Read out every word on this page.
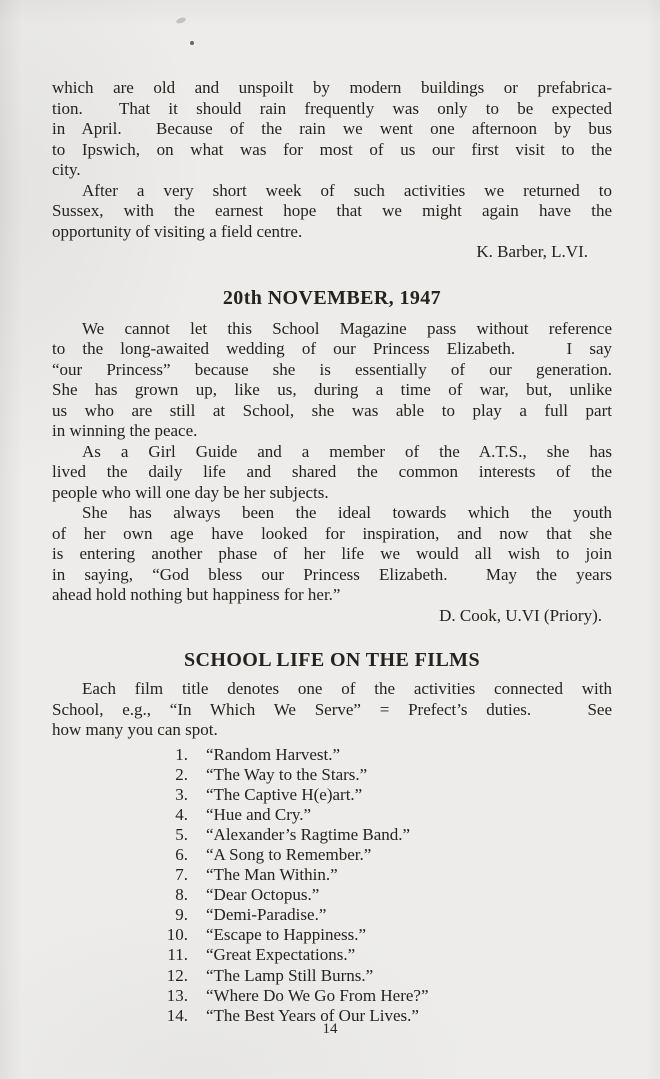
which are old and unspoilt by modern buildings or prefabrica-
tion.  That it should rain frequently was only to be expected
in April.  Because of the rain we went one afternoon by bus
to Ipswich, on what was for most of us our first visit to the
city.
After a very short week of such activities we returned to
Sussex, with the earnest hope that we might again have the
opportunity of visiting a field centre.
K. Barber, L.VI.
20th NOVEMBER, 1947
We cannot let this School Magazine pass without reference
to the long-awaited wedding of our Princess Elizabeth.   I say
“our Princess” because she is essentially of our generation.
She has grown up, like us, during a time of war, but, unlike
us who are still at School, she was able to play a full part
in winning the peace.
As a Girl Guide and a member of the A.T.S., she has
lived the daily life and shared the common interests of the
people who will one day be her subjects.
She has always been the ideal towards which the youth
of her own age have looked for inspiration, and now that she
is entering another phase of her life we would all wish to join
in saying, “God bless our Princess Elizabeth.  May the years
ahead hold nothing but happiness for her.”
D. Cook, U.VI (Priory).
SCHOOL LIFE ON THE FILMS
Each film title denotes one of the activities connected with
School, e.g., “In Which We Serve” = Prefect’s duties.   See
how many you can spot.
1.	“Random Harvest.”
2.	“The Way to the Stars.”
3.	“The Captive H(e)art.”
4.	“Hue and Cry.”
5.	“Alexander’s Ragtime Band.”
6.	“A Song to Remember.”
7.	“The Man Within.”
8.	“Dear Octopus.”
9.	“Demi-Paradise.”
10.	“Escape to Happiness.”
11.	“Great Expectations.”
12.	“The Lamp Still Burns.”
13.	“Where Do We Go From Here?”
14.	“The Best Years of Our Lives.”
14
